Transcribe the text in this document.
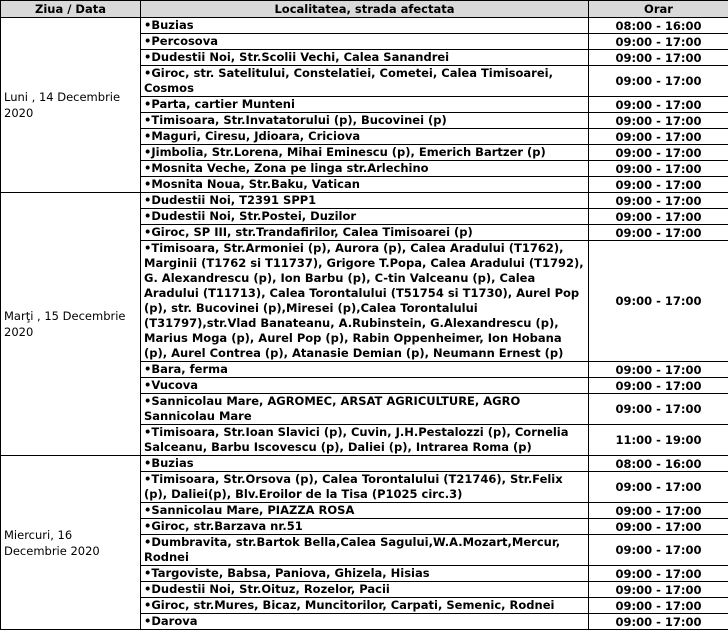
Ziua / Data	Localitatea, strada afectata	Orar
Luni , 14 Decembrie 2020	•Buzias	08:00 - 16:00
	•Percosova	09:00 - 17:00
	•Dudestii Noi, Str.Scolii Vechi, Calea Sanandrei	09:00 - 17:00
	•Giroc, str. Satelitului, Constelatiei, Cometei, Calea Timisoarei, Cosmos	09:00 - 17:00
	•Parta, cartier Munteni	09:00 - 17:00
	•Timisoara, Str.Invatatorului (p), Bucovinei (p)	09:00 - 17:00
	•Maguri, Ciresu, Jdioara, Criciova	09:00 - 17:00
	•Jimbolia, Str.Lorena, Mihai Eminescu (p), Emerich Bartzer (p)	09:00 - 17:00
	•Mosnita Veche, Zona pe linga str.Arlechino	09:00 - 17:00
	•Mosnita Noua, Str.Baku, Vatican	09:00 - 17:00
Marţi , 15 Decembrie 2020	•Dudestii Noi, T2391 SPP1	09:00 - 17:00
	•Dudestii Noi, Str.Postei, Duzilor	09:00 - 17:00
	•Giroc, SP III, str.Trandafirilor, Calea Timisoarei (p)	09:00 - 17:00
	•Timisoara, Str.Armoniei (p), Aurora (p), Calea Aradului (T1762), Marginii (T1762 si T11737), Grigore T.Popa, Calea Aradului (T1792), G. Alexandrescu (p), Ion Barbu (p), C-tin Valceanu (p), Calea Aradului (T11713), Calea Torontalului (T51754 si T1730), Aurel Pop (p), str. Bucovinei (p),Miresei (p),Calea Torontalului (T31797),str.Vlad Banateanu, A.Rubinstein, G.Alexandrescu (p), Marius Moga (p), Aurel Pop (p), Rabin Oppenheimer, Ion Hobana (p), Aurel Contrea (p), Atanasie Demian (p), Neumann Ernest (p)	09:00 - 17:00
	•Bara, ferma	09:00 - 17:00
	•Vucova	09:00 - 17:00
	•Sannicolau Mare, AGROMEC, ARSAT AGRICULTURE, AGRO Sannicolau Mare	09:00 - 17:00
	•Timisoara, Str.Ioan Slavici (p), Cuvin, J.H.Pestalozzi (p), Cornelia Salceanu, Barbu Iscovescu (p), Daliei (p), Intrarea Roma (p)	11:00 - 19:00
Miercuri, 16 Decembrie 2020	•Buzias	08:00 - 16:00
	•Timisoara, Str.Orsova (p), Calea Torontalului (T21746), Str.Felix (p), Daliei(p), Blv.Eroilor de la Tisa (P1025 circ.3)	09:00 - 17:00
	•Sannicolau Mare, PIAZZA ROSA	09:00 - 17:00
	•Giroc, str.Barzava nr.51	09:00 - 17:00
	•Dumbravita, str.Bartok Bella,Calea Sagului,W.A.Mozart,Mercur, Rodnei	09:00 - 17:00
	•Targoviste, Babsa, Paniova, Ghizela, Hisias	09:00 - 17:00
	•Dudestii Noi, Str.Oituz, Rozelor, Pacii	09:00 - 17:00
	•Giroc, str.Mures, Bicaz, Muncitorilor, Carpati, Semenic, Rodnei	09:00 - 17:00
	•Darova	09:00 - 17:00
